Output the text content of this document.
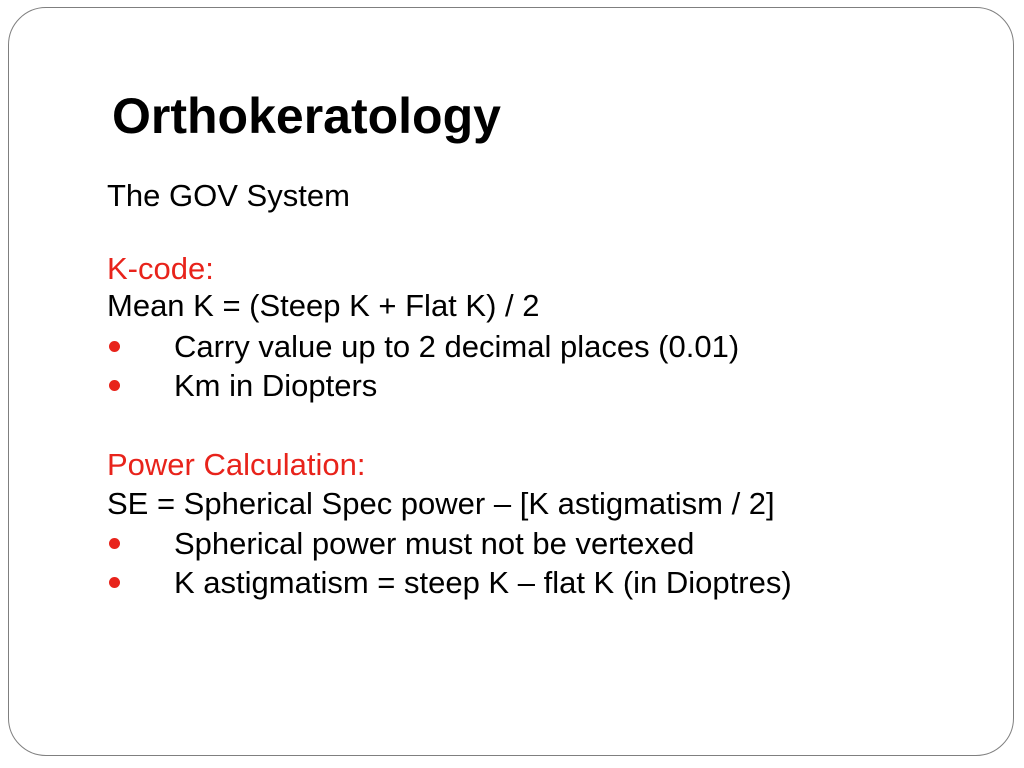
Orthokeratology
The GOV System
K-code:
Mean K = (Steep K + Flat K) / 2
Carry value up to 2 decimal places (0.01)
Km in Diopters
Power Calculation:
SE = Spherical Spec power – [K astigmatism / 2]
Spherical power must not be vertexed
K astigmatism = steep K – flat K (in Dioptres)
